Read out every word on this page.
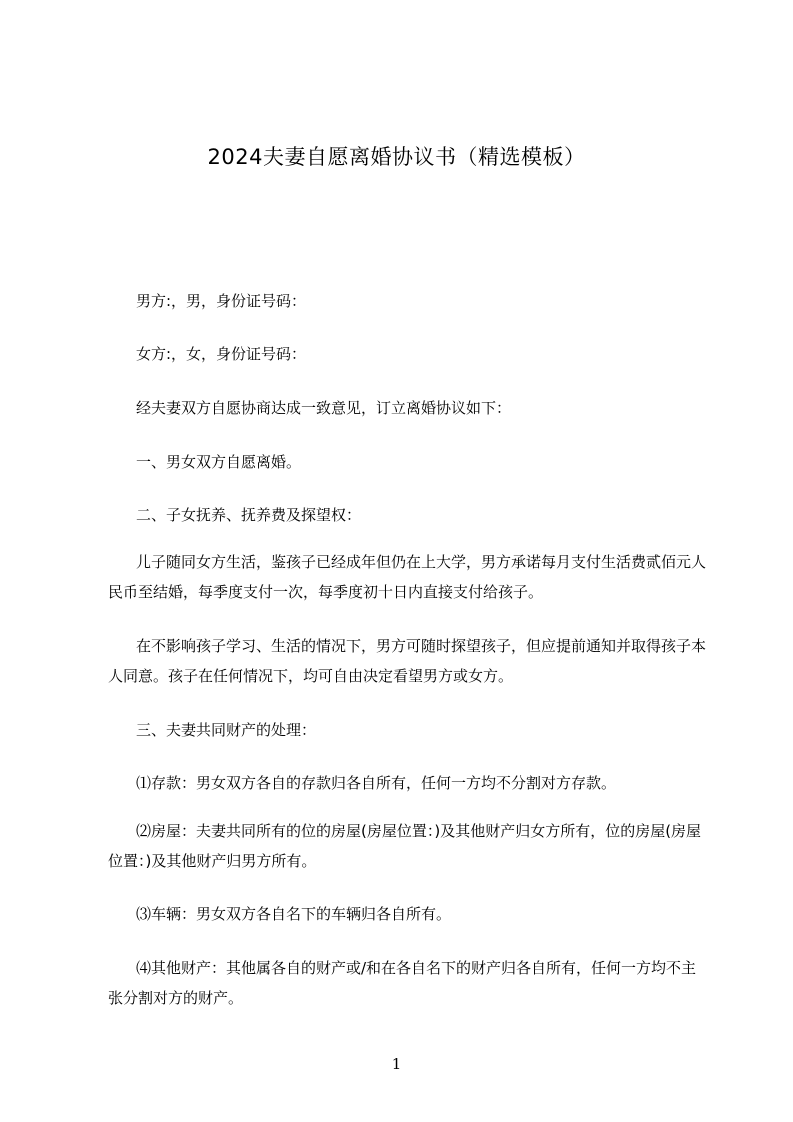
2024夫妻自愿离婚协议书（精选模板）

男方:，男，身份证号码：

女方:，女，身份证号码：

经夫妻双方自愿协商达成一致意见，订立离婚协议如下：

一、男女双方自愿离婚。

二、子女抚养、抚养费及探望权：

儿子随同女方生活，鉴孩子已经成年但仍在上大学，男方承诺每月支付生活费贰佰元人民币至结婚，每季度支付一次，每季度初十日内直接支付给孩子。

在不影响孩子学习、生活的情况下，男方可随时探望孩子，但应提前通知并取得孩子本人同意。孩子在任何情况下，均可自由决定看望男方或女方。

三、夫妻共同财产的处理：

⑴存款：男女双方各自的存款归各自所有，任何一方均不分割对方存款。

⑵房屋：夫妻共同所有的位的房屋(房屋位置：)及其他财产归女方所有，位的房屋(房屋位置：)及其他财产归男方所有。

⑶车辆：男女双方各自名下的车辆归各自所有。

⑷其他财产：其他属各自的财产或/和在各自名下的财产归各自所有，任何一方均不主张分割对方的财产。

1
